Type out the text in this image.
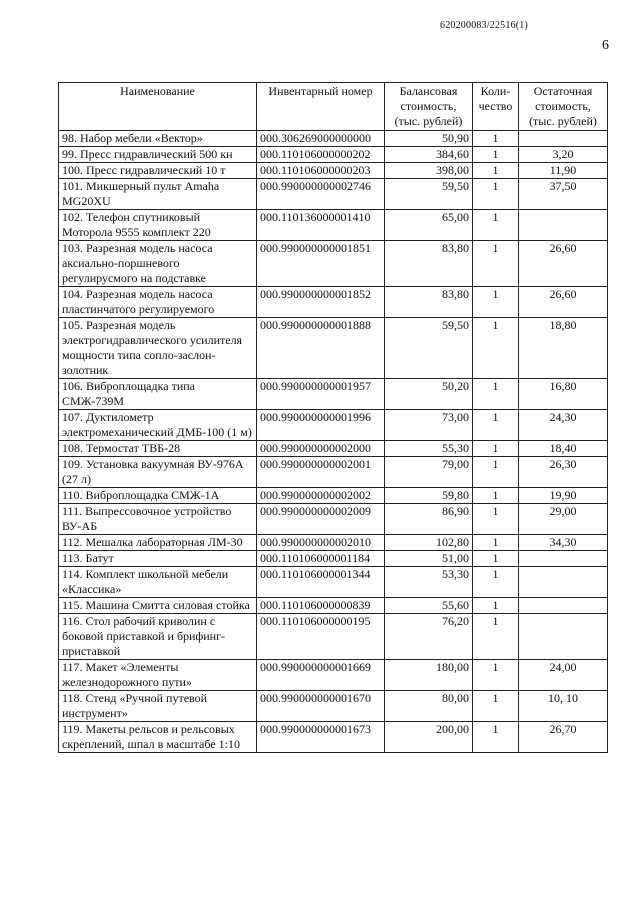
620200083/22516(1)
6
Наименование	Инвентарный номер	Балансовая стоимость, (тыс. рублей)	Коли-чество	Остаточная стоимость, (тыс. рублей)
98. Набор мебели «Вектор»	000.306269000000000	50,90	1	
99. Пресс гидравлический 500 кн	000.110106000000202	384,60	1	3,20
100. Пресс гидравлический 10 т	000.110106000000203	398,00	1	11,90
101. Микшерный пульт Amaha MG20XU	000.990000000002746	59,50	1	37,50
102. Телефон спутниковый Моторола 9555 комплект 220	000.110136000001410	65,00	1	
103. Разрезная модель насоса аксиально-поршневого регулирусмого на подставке	000.990000000001851	83,80	1	26,60
104. Разрезная модель насоса пластинчатого регулируемого	000.990000000001852	83,80	1	26,60
105. Разрезная модель электрогидравлического усилителя мощности типа сопло-заслон-золотник	000.990000000001888	59,50	1	18,80
106. Виброплощадка типа СМЖ-739М	000.990000000001957	50,20	1	16,80
107. Дуктилометр электромеханический ДМБ-100 (1 м)	000.990000000001996	73,00	1	24,30
108. Термостат ТВБ-28	000.990000000002000	55,30	1	18,40
109. Установка вакуумная ВУ-976А (27 л)	000.990000000002001	79,00	1	26,30
110. Виброплощадка СМЖ-1А	000.990000000002002	59,80	1	19,90
111. Выпрессовочное устройство ВУ-АБ	000.990000000002009	86,90	1	29,00
112. Мешалка лабораторная ЛМ-30	000.990000000002010	102,80	1	34,30
113. Батут	000.110106000001184	51,00	1	
114. Комплект школьной мебели «Классика»	000.110106000001344	53,30	1	
115. Машина Смитта силовая стойка	000.110106000000839	55,60	1	
116. Стол рабочий криволин с боковой приставкой и брифинг-приставкой	000.110106000000195	76,20	1	
117. Макет «Элементы железнодорожного пути»	000.990000000001669	180,00	1	24,00
118. Стенд «Ручной путевой инструмент»	000.990000000001670	80,00	1	10, 10
119. Макеты рельсов и рельсовых скреплений, шпал в масштабе 1:10	000.990000000001673	200,00	1	26,70
